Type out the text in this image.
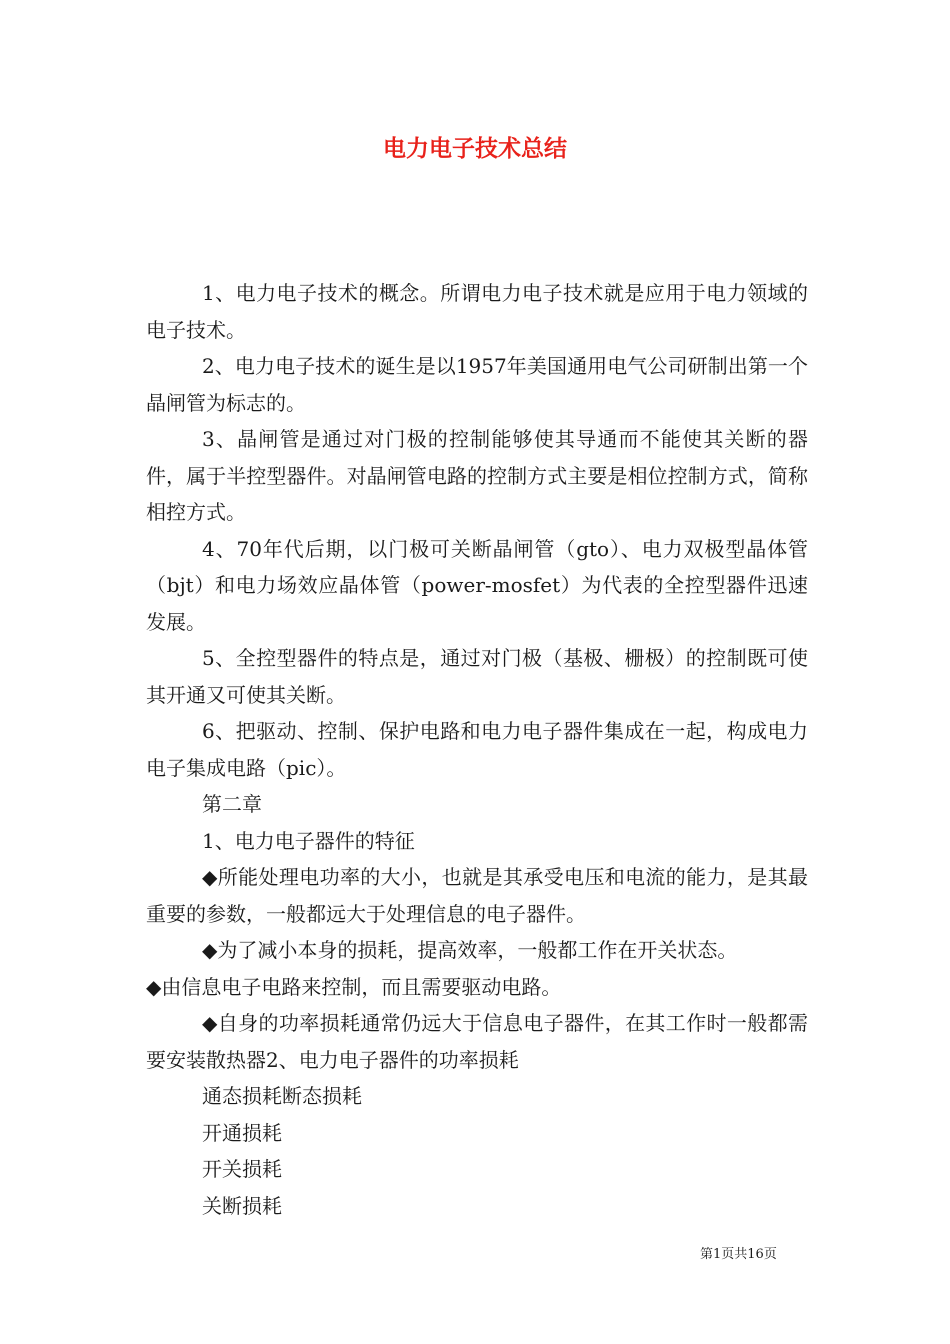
电力电子技术总结

1、电力电子技术的概念。所谓电力电子技术就是应用于电力领域的电子技术。

2、电力电子技术的诞生是以1957年美国通用电气公司研制出第一个晶闸管为标志的。

3、晶闸管是通过对门极的控制能够使其导通而不能使其关断的器件，属于半控型器件。对晶闸管电路的控制方式主要是相位控制方式，简称相控方式。

4、70年代后期，以门极可关断晶闸管（gto）、电力双极型晶体管（bjt）和电力场效应晶体管（power-mosfet）为代表的全控型器件迅速发展。

5、全控型器件的特点是，通过对门极（基极、栅极）的控制既可使其开通又可使其关断。

6、把驱动、控制、保护电路和电力电子器件集成在一起，构成电力电子集成电路（pic）。

第二章

1、电力电子器件的特征

◆所能处理电功率的大小，也就是其承受电压和电流的能力，是其最重要的参数，一般都远大于处理信息的电子器件。

◆为了减小本身的损耗，提高效率，一般都工作在开关状态。

◆由信息电子电路来控制，而且需要驱动电路。

◆自身的功率损耗通常仍远大于信息电子器件，在其工作时一般都需要安装散热器2、电力电子器件的功率损耗

通态损耗断态损耗

开通损耗

开关损耗

关断损耗

第1页共16页
